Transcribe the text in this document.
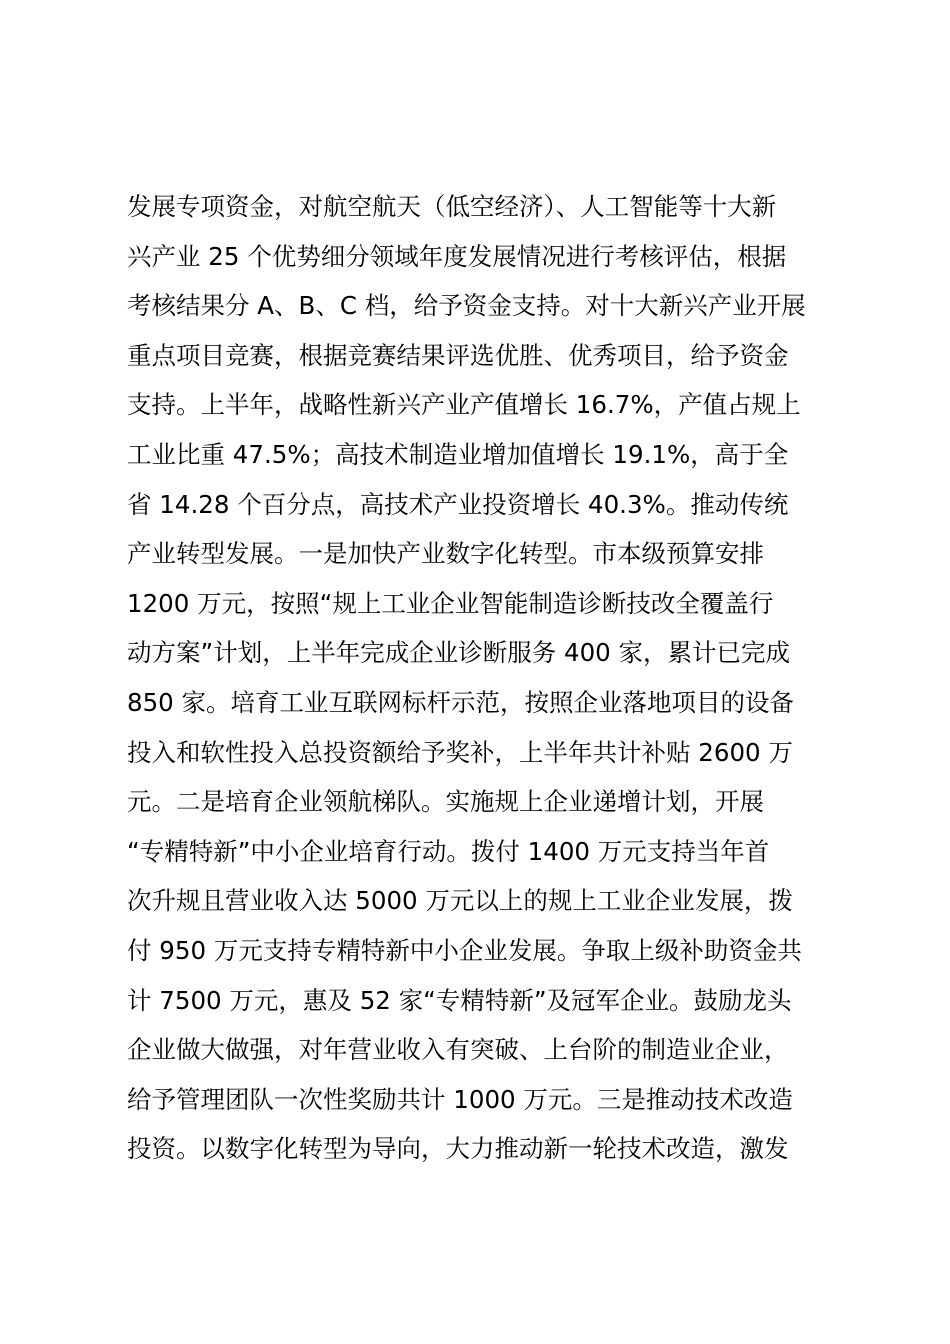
发展专项资金，对航空航天（低空经济）、人工智能等十大新
兴产业 25 个优势细分领域年度发展情况进行考核评估，根据
考核结果分 A、B、C 档，给予资金支持。对十大新兴产业开展
重点项目竞赛，根据竞赛结果评选优胜、优秀项目，给予资金
支持。上半年，战略性新兴产业产值增长 16.7%，产值占规上
工业比重 47.5%；高技术制造业增加值增长 19.1%，高于全
省 14.28 个百分点，高技术产业投资增长 40.3%。推动传统
产业转型发展。一是加快产业数字化转型。市本级预算安排
1200 万元，按照“规上工业企业智能制造诊断技改全覆盖行
动方案”计划，上半年完成企业诊断服务 400 家，累计已完成
850 家。培育工业互联网标杆示范，按照企业落地项目的设备
投入和软性投入总投资额给予奖补，上半年共计补贴 2600 万
元。二是培育企业领航梯队。实施规上企业递增计划，开展
“专精特新”中小企业培育行动。拨付 1400 万元支持当年首
次升规且营业收入达 5000 万元以上的规上工业企业发展，拨
付 950 万元支持专精特新中小企业发展。争取上级补助资金共
计 7500 万元，惠及 52 家“专精特新”及冠军企业。鼓励龙头
企业做大做强，对年营业收入有突破、上台阶的制造业企业，
给予管理团队一次性奖励共计 1000 万元。三是推动技术改造
投资。以数字化转型为导向，大力推动新一轮技术改造，激发
